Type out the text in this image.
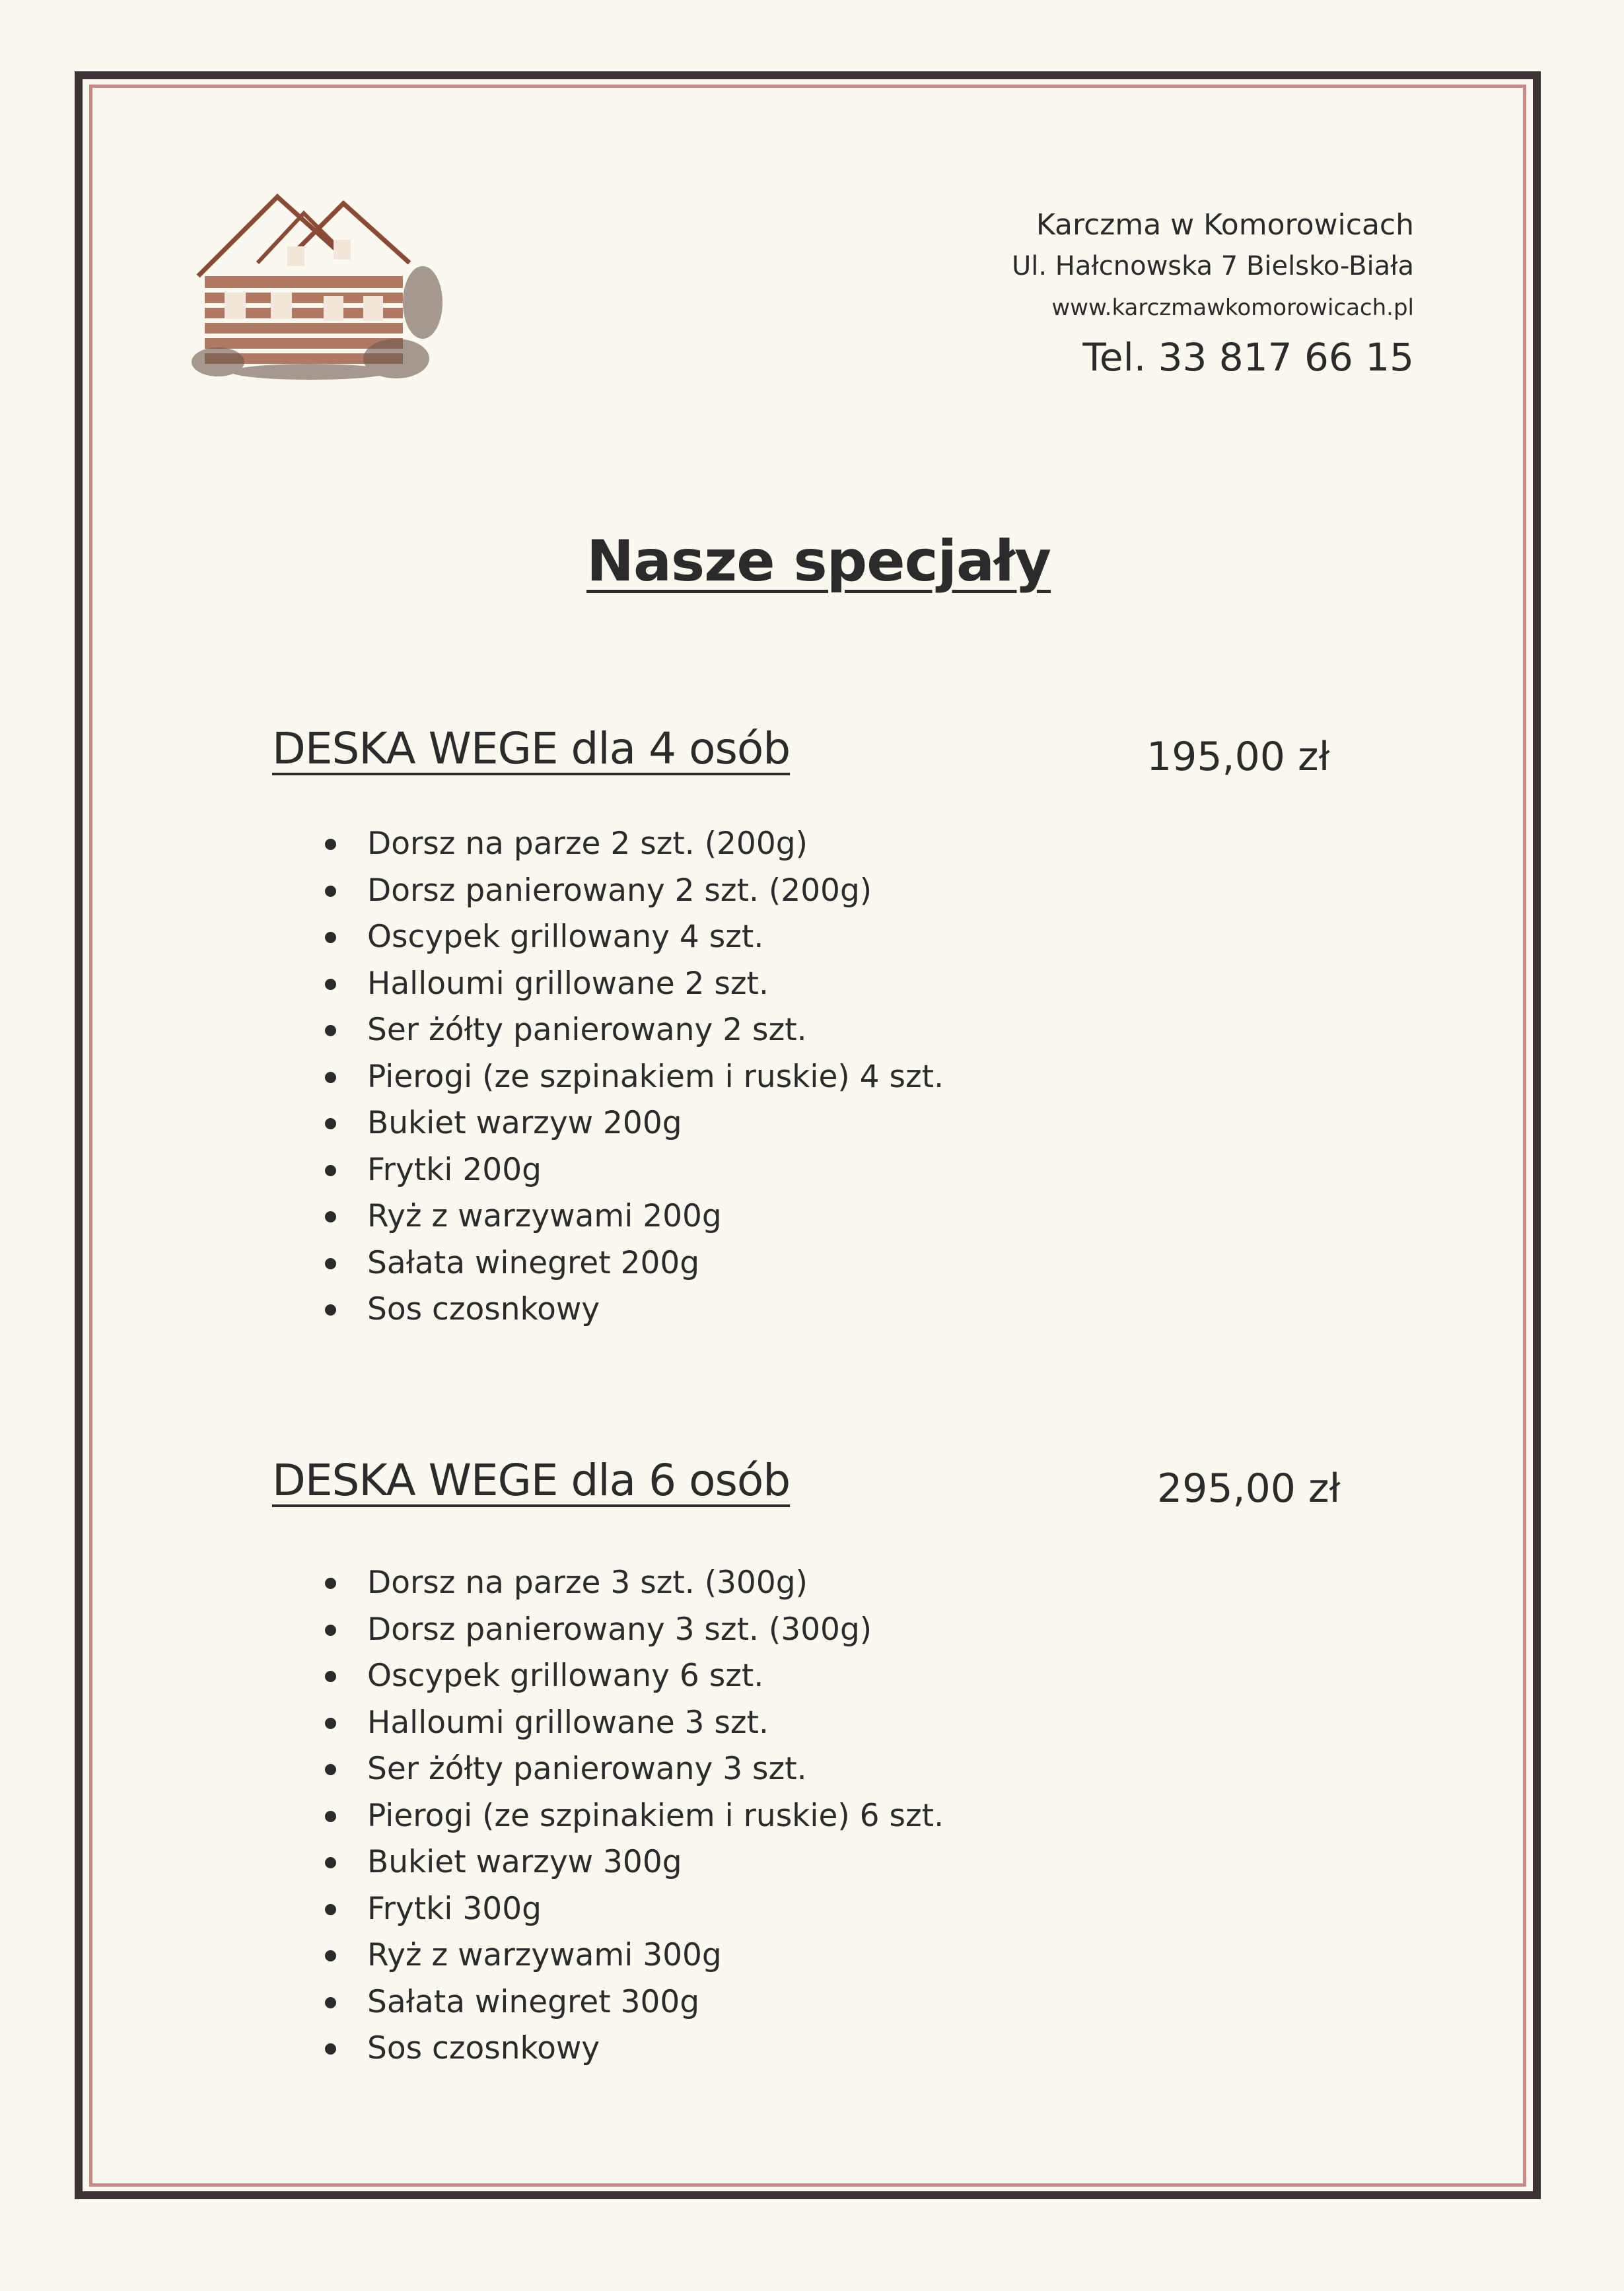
Karczma w Komorowicach
Ul. Hałcnowska 7 Bielsko-Biała
www.karczmawkomorowicach.pl
Tel. 33 817 66 15
Nasze specjały
DESKA WEGE dla 4 osób	195,00 zł
Dorsz na parze 2 szt. (200g)
Dorsz panierowany 2 szt. (200g)
Oscypek grillowany 4 szt.
Halloumi grillowane 2 szt.
Ser żółty panierowany 2 szt.
Pierogi (ze szpinakiem i ruskie) 4 szt.
Bukiet warzyw 200g
Frytki 200g
Ryż z warzywami 200g
Sałata winegret 200g
Sos czosnkowy
DESKA WEGE dla 6 osób	295,00 zł
Dorsz na parze 3 szt. (300g)
Dorsz panierowany 3 szt. (300g)
Oscypek grillowany 6 szt.
Halloumi grillowane 3 szt.
Ser żółty panierowany 3 szt.
Pierogi (ze szpinakiem i ruskie) 6 szt.
Bukiet warzyw 300g
Frytki 300g
Ryż z warzywami 300g
Sałata winegret 300g
Sos czosnkowy
